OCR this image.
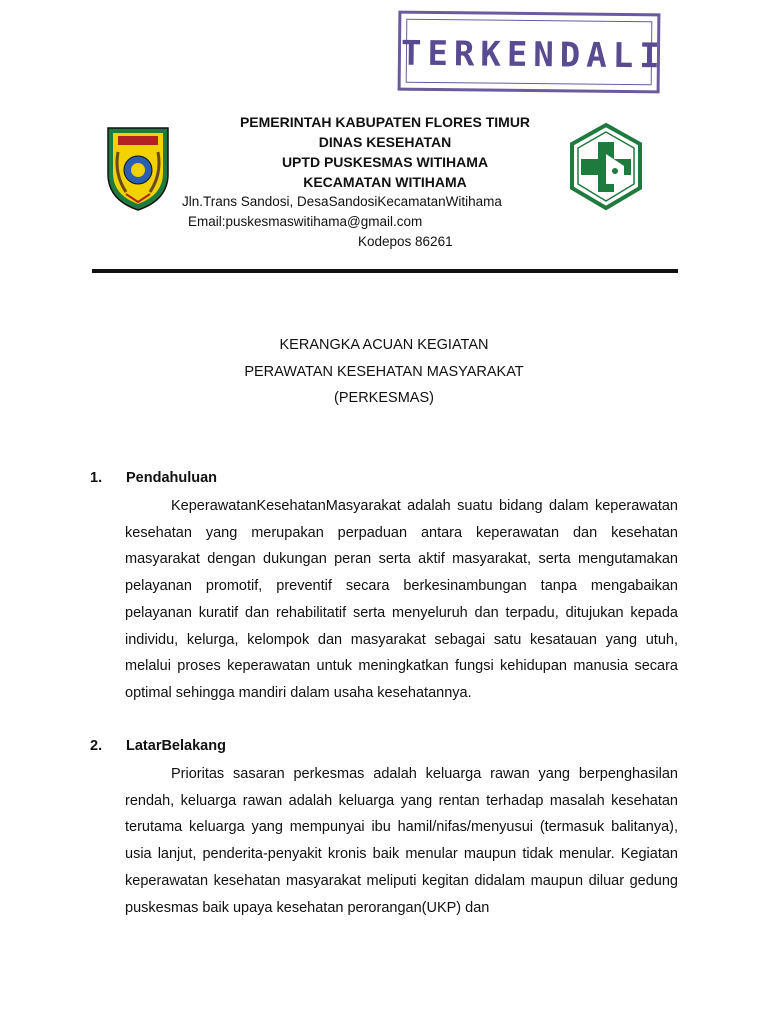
TERKENDALI
PEMERINTAH KABUPATEN FLORES TIMUR
DINAS KESEHATAN
UPTD PUSKESMAS WITIHAMA
KECAMATAN WITIHAMA
Jln.Trans Sandosi, DesaSandosiKecamatanWitihama
Email:puskesmaswitihama@gmail.com
Kodepos 86261
KERANGKA ACUAN KEGIATAN
PERAWATAN KESEHATAN MASYARAKAT
(PERKESMAS)
1. Pendahuluan
KeperawatanKesehatanMasyarakat adalah suatu bidang dalam keperawatan kesehatan yang merupakan perpaduan antara keperawatan dan kesehatan masyarakat dengan dukungan peran serta aktif masyarakat, serta mengutamakan pelayanan promotif, preventif secara berkesinambungan tanpa mengabaikan pelayanan kuratif dan rehabilitatif serta menyeluruh dan terpadu, ditujukan kepada individu, kelurga, kelompok dan masyarakat sebagai satu kesatauan yang utuh, melalui proses keperawatan untuk meningkatkan fungsi kehidupan manusia secara optimal sehingga mandiri dalam usaha kesehatannya.
2. LatarBelakang
Prioritas sasaran perkesmas adalah keluarga rawan yang berpenghasilan rendah, keluarga rawan adalah keluarga yang rentan terhadap masalah kesehatan terutama keluarga yang mempunyai ibu hamil/nifas/menyusui (termasuk balitanya), usia lanjut, penderita-penyakit kronis baik menular maupun tidak menular. Kegiatan keperawatan kesehatan masyarakat meliputi kegitan didalam maupun diluar gedung puskesmas baik upaya kesehatan perorangan(UKP) dan
